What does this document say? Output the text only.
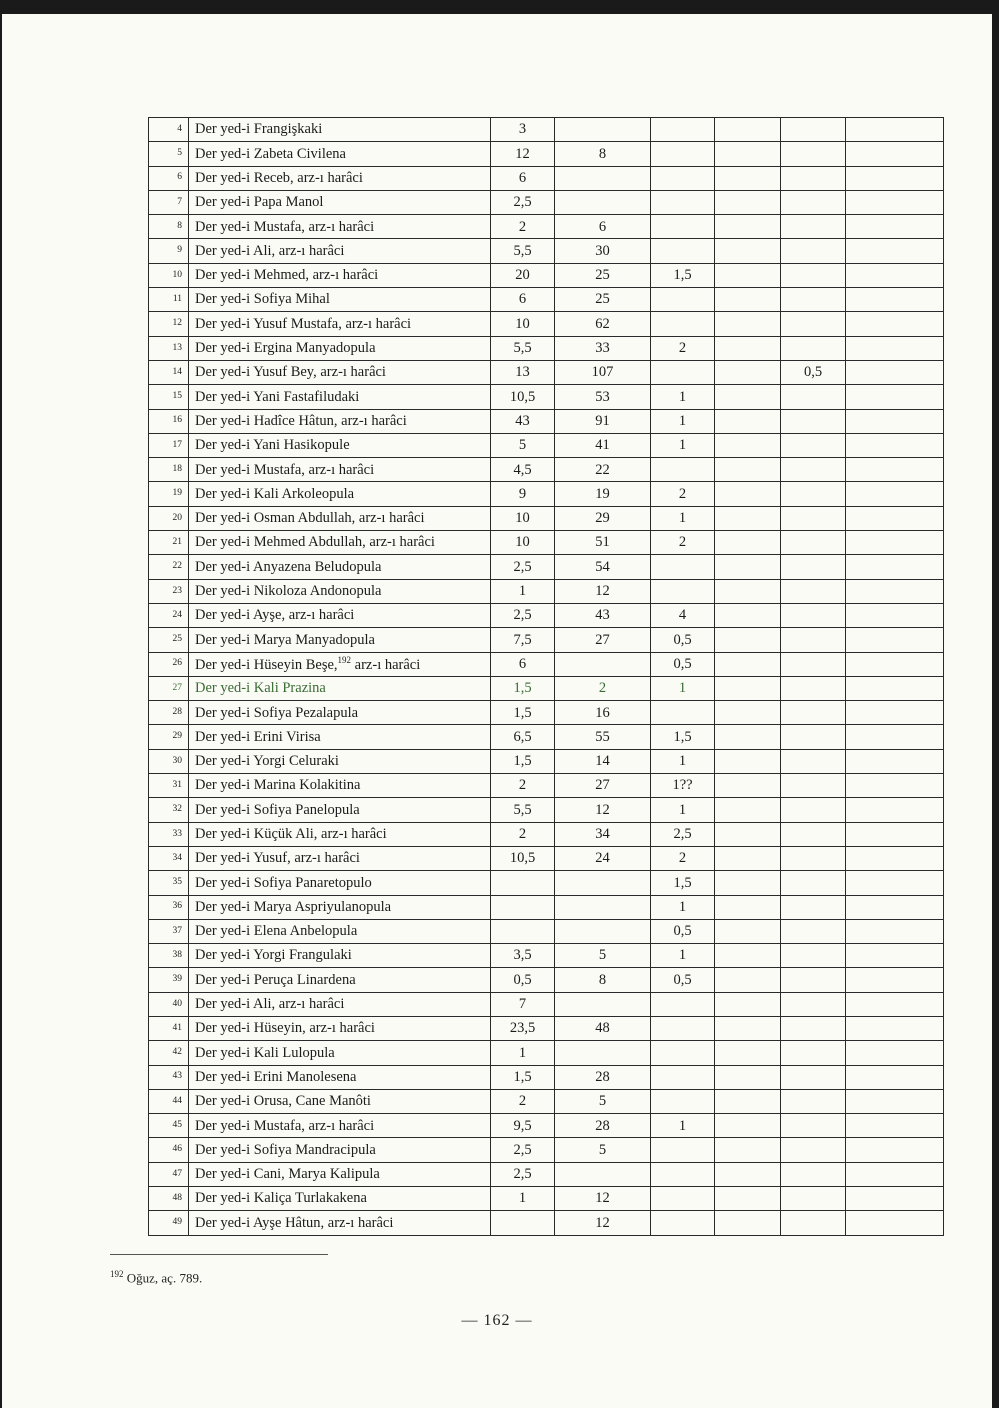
4	Der yed-i Frangişkaki	3					
5	Der yed-i Zabeta Civilena	12	8				
6	Der yed-i Receb, arz-ı harâci	6					
7	Der yed-i Papa Manol	2,5					
8	Der yed-i Mustafa, arz-ı harâci	2	6				
9	Der yed-i Ali, arz-ı harâci	5,5	30				
10	Der yed-i Mehmed, arz-ı harâci	20	25	1,5			
11	Der yed-i Sofiya Mihal	6	25				
12	Der yed-i Yusuf Mustafa, arz-ı harâci	10	62				
13	Der yed-i Ergina Manyadopula	5,5	33	2			
14	Der yed-i Yusuf Bey, arz-ı harâci	13	107			0,5	
15	Der yed-i Yani Fastafiludaki	10,5	53	1			
16	Der yed-i Hadîce Hâtun, arz-ı harâci	43	91	1			
17	Der yed-i Yani Hasikopule	5	41	1			
18	Der yed-i Mustafa, arz-ı harâci	4,5	22				
19	Der yed-i Kali Arkoleopula	9	19	2			
20	Der yed-i Osman Abdullah, arz-ı harâci	10	29	1			
21	Der yed-i Mehmed Abdullah, arz-ı harâci	10	51	2			
22	Der yed-i Anyazena Beludopula	2,5	54				
23	Der yed-i Nikoloza Andonopula	1	12				
24	Der yed-i Ayşe, arz-ı harâci	2,5	43	4			
25	Der yed-i Marya Manyadopula	7,5	27	0,5			
26	Der yed-i Hüseyin Beşe,$^{192}$ arz-ı harâci	6		0,5			
27	Der yed-i Kali Prazina	1,5	2	1			
28	Der yed-i Sofiya Pezalapula	1,5	16				
29	Der yed-i Erini Virisa	6,5	55	1,5			
30	Der yed-i Yorgi Celuraki	1,5	14	1			
31	Der yed-i Marina Kolakitina	2	27	1??			
32	Der yed-i Sofiya Panelopula	5,5	12	1			
33	Der yed-i Küçük Ali, arz-ı harâci	2	34	2,5			
34	Der yed-i Yusuf, arz-ı harâci	10,5	24	2			
35	Der yed-i Sofiya Panaretopulo			1,5			
36	Der yed-i Marya Aspriyulanopula			1			
37	Der yed-i Elena Anbelopula			0,5			
38	Der yed-i Yorgi Frangulaki	3,5	5	1			
39	Der yed-i Peruça Linardena	0,5	8	0,5			
40	Der yed-i Ali, arz-ı harâci	7					
41	Der yed-i Hüseyin, arz-ı harâci	23,5	48				
42	Der yed-i Kali Lulopula	1					
43	Der yed-i Erini Manolesena	1,5	28				
44	Der yed-i Orusa, Cane Manôti	2	5				
45	Der yed-i Mustafa, arz-ı harâci	9,5	28	1			
46	Der yed-i Sofiya Mandracipula	2,5	5				
47	Der yed-i Cani, Marya Kalipula	2,5					
48	Der yed-i Kaliça Turlakakena	1	12				
49	Der yed-i Ayşe Hâtun, arz-ı harâci		12				
$^{192}$ Oğuz, aç. 789.
— 162 —
